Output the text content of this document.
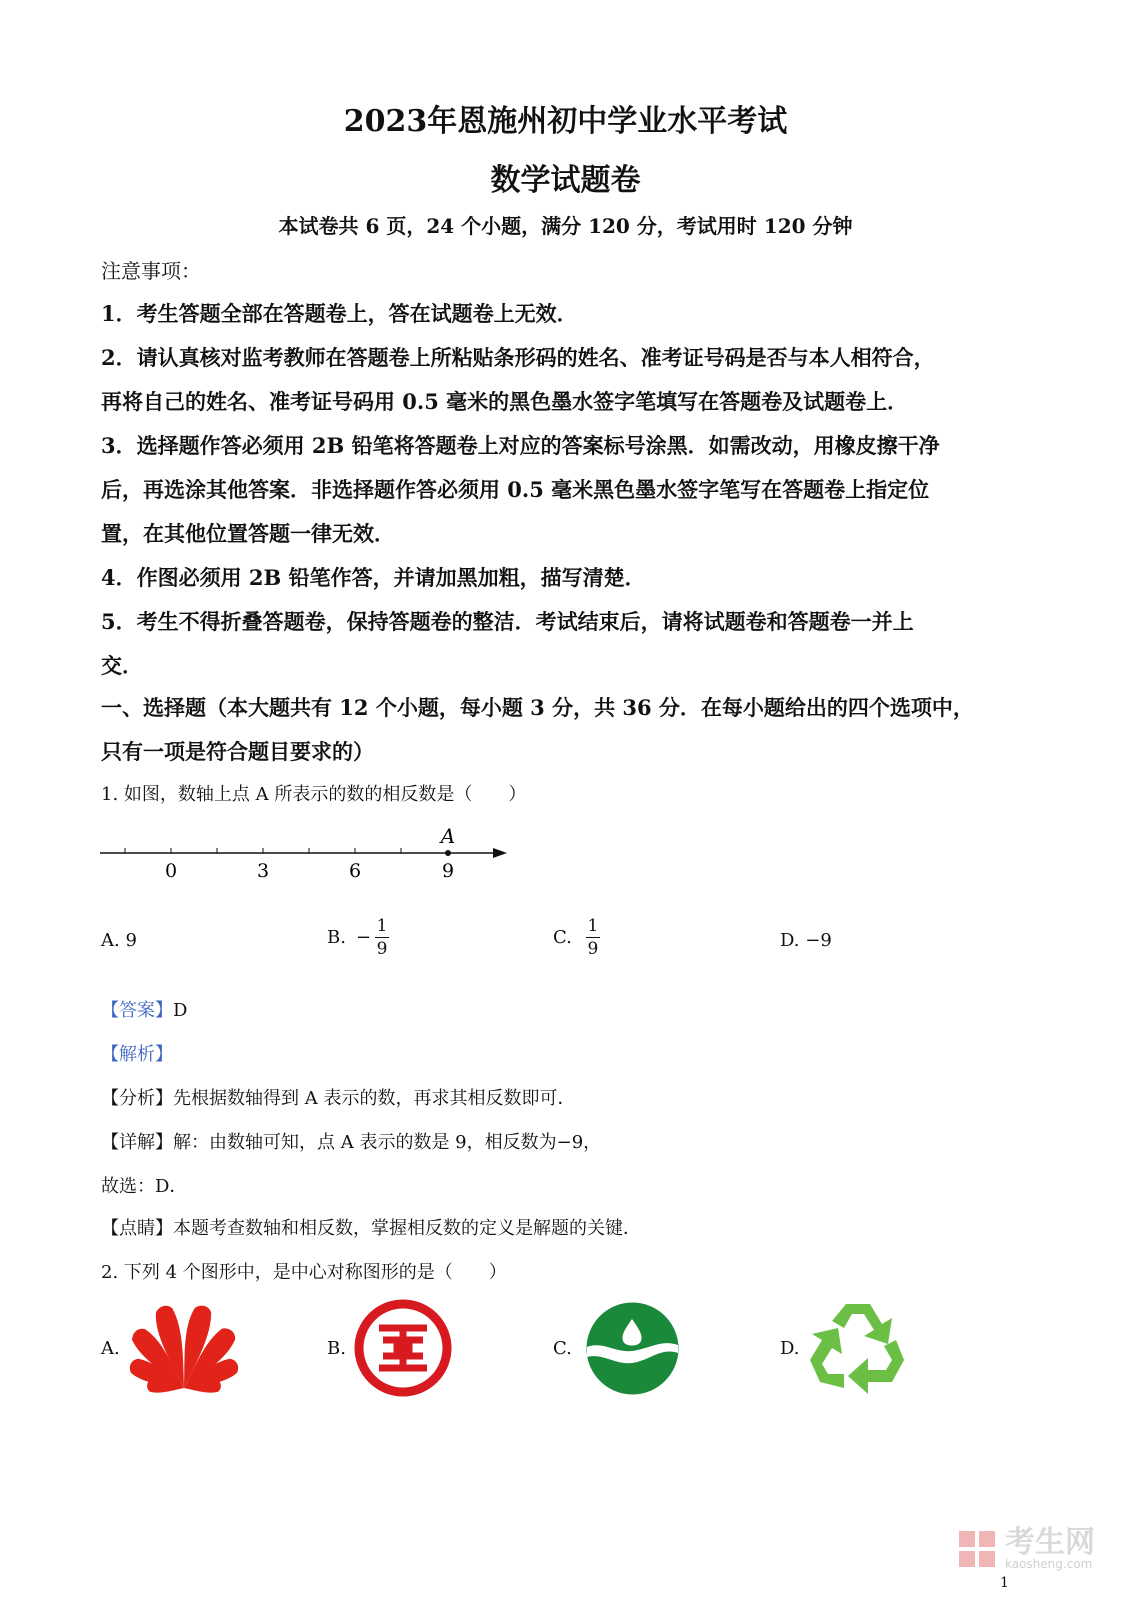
2023年恩施州初中学业水平考试
数学试题卷
本试卷共 6 页，24 个小题，满分 120 分，考试用时 120 分钟
注意事项：
1．考生答题全部在答题卷上，答在试题卷上无效．
2．请认真核对监考教师在答题卷上所粘贴条形码的姓名、准考证号码是否与本人相符合，
再将自己的姓名、准考证号码用 0.5 毫米的黑色墨水签字笔填写在答题卷及试题卷上．
3．选择题作答必须用 2B 铅笔将答题卷上对应的答案标号涂黑．如需改动，用橡皮擦干净
后，再选涂其他答案．非选择题作答必须用 0.5 毫米黑色墨水签字笔写在答题卷上指定位
置，在其他位置答题一律无效．
4．作图必须用 2B 铅笔作答，并请加黑加粗，描写清楚．
5．考生不得折叠答题卷，保持答题卷的整洁．考试结束后，请将试题卷和答题卷一并上
交．
一、选择题（本大题共有 12 个小题，每小题 3 分，共 36 分．在每小题给出的四个选项中，
只有一项是符合题目要求的）
1. 如图，数轴上点 A 所表示的数的相反数是（　　）
A
0	3	6	9
A. 9	B. − $\frac{1}{9}$	C. $\frac{1}{9}$	D. −9
【答案】D
【解析】
【分析】先根据数轴得到 A 表示的数，再求其相反数即可．
【详解】解：由数轴可知，点 A 表示的数是 9，相反数为−9，
故选：D．
【点睛】本题考查数轴和相反数，掌握相反数的定义是解题的关键．
2. 下列 4 个图形中，是中心对称图形的是（　　）
A.	B.	C.	D.
考生网
kaosheng.com
1
